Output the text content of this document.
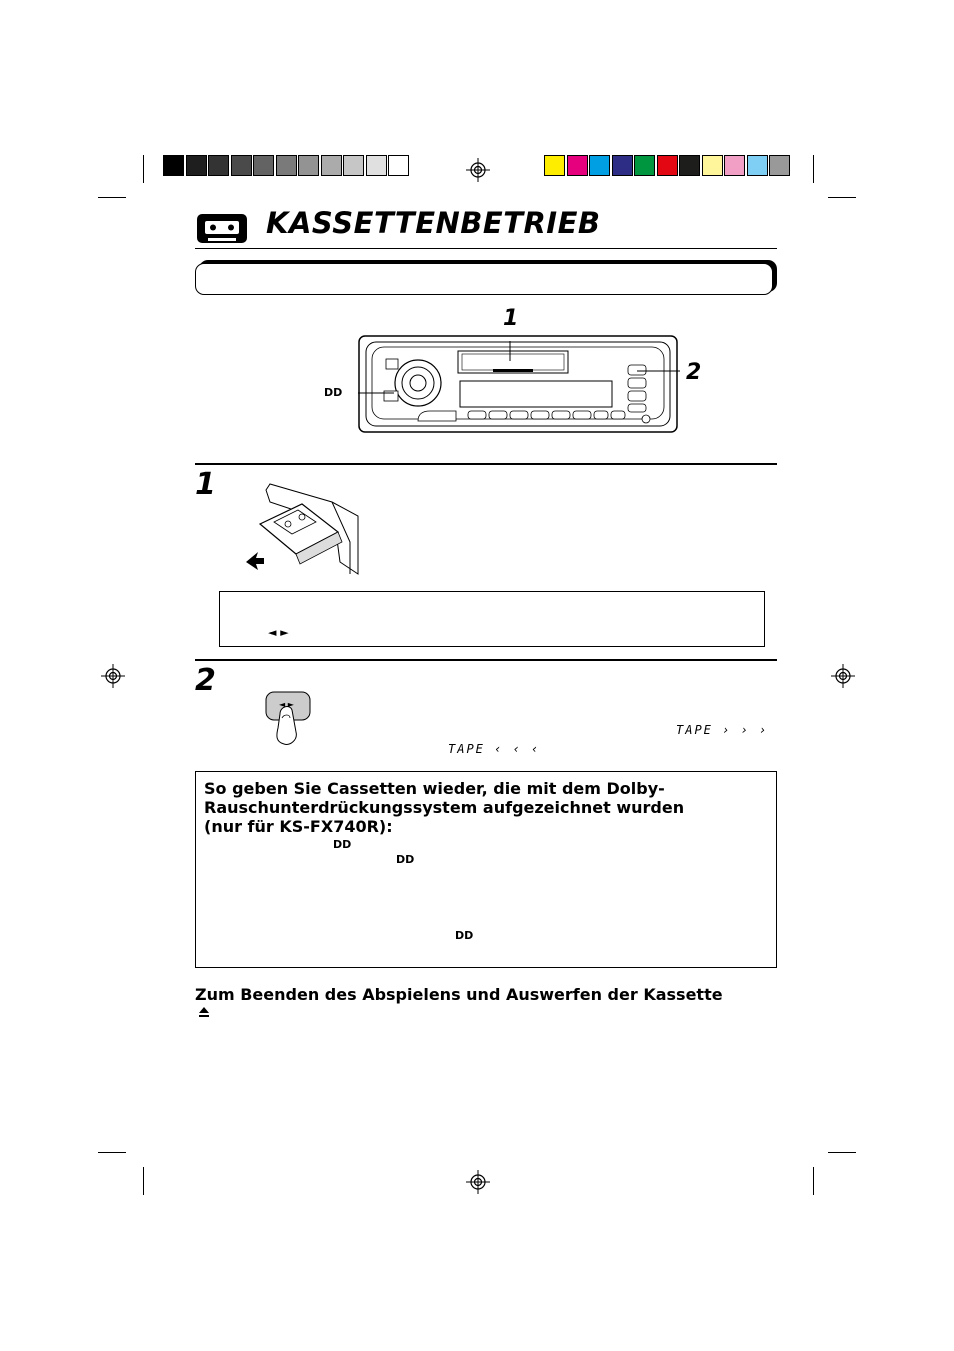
KASSETTENBETRIEB
1
2
DD
1
◄ ►
2
◄ ►
TAPE › › ›
TAPE ‹ ‹ ‹
So geben Sie Cassetten wieder, die mit dem Dolby-
Rauschunterdrückungssystem aufgezeichnet wurden
(nur für KS-FX740R):
DD
DD
DD
Zum Beenden des Abspielens und Auswerfen der Kassette
